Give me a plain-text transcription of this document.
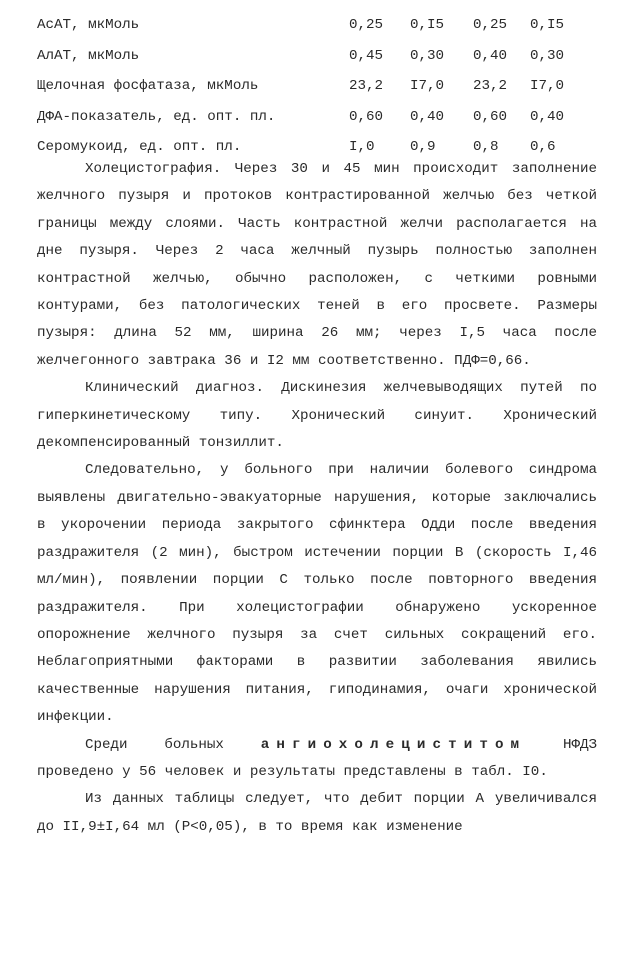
АсАТ, мкМоль	0,25 0,I5 0,25 0,I5
АлАТ, мкМоль	0,45 0,30 0,40 0,30
Щелочная фосфатаза, мкМоль	23,2 I7,0 23,2 I7,0
ДФА-показатель, ед. опт. пл.	0,60 0,40 0,60 0,40
Серомукоид, ед. опт. пл.	I,0 0,9	0,8 0,6

Холецистография. Через 30 и 45 мин происходит заполнение желчного пузыря и протоков контрастированной желчью без четкой границы между слоями. Часть контрастной желчи располагается на дне пузыря. Через 2 часа желчный пузырь полностью заполнен контрастной желчью, обычно расположен, с четкими ровными контурами, без патологических теней в его просвете. Размеры пузыря: длина 52 мм, ширина 26 мм; через I,5 часа после желчегонного завтрака 36 и I2 мм соответственно. ПДФ=0,66.

Клинический диагноз. Дискинезия желчевыводящих путей по гиперкинетическому типу. Хронический синуит. Хронический декомпенсированный тонзиллит.

Следовательно, у больного при наличии болевого синдрома выявлены двигательно-эвакуаторные нарушения, которые заключались в укорочении периода закрытого сфинктера Одди после введения раздражителя (2 мин), быстром истечении порции В (скорость I,46 мл/мин), появлении порции С только после повторного введения раздражителя. При холецистографии обнаружено ускоренное опорожнение желчного пузыря за счет сильных сокращений его. Неблагоприятными факторами в развитии заболевания явились качественные нарушения питания, гиподинамия, очаги хронической инфекции.

Среди больных	ангиохолециститом	НФДЗ проведено у 56 человек и результаты представлены в табл. I0.

Из данных таблицы следует, что дебит порции А увеличивался до II,9±I,64 мл (P<0,05), в то время как изменение
